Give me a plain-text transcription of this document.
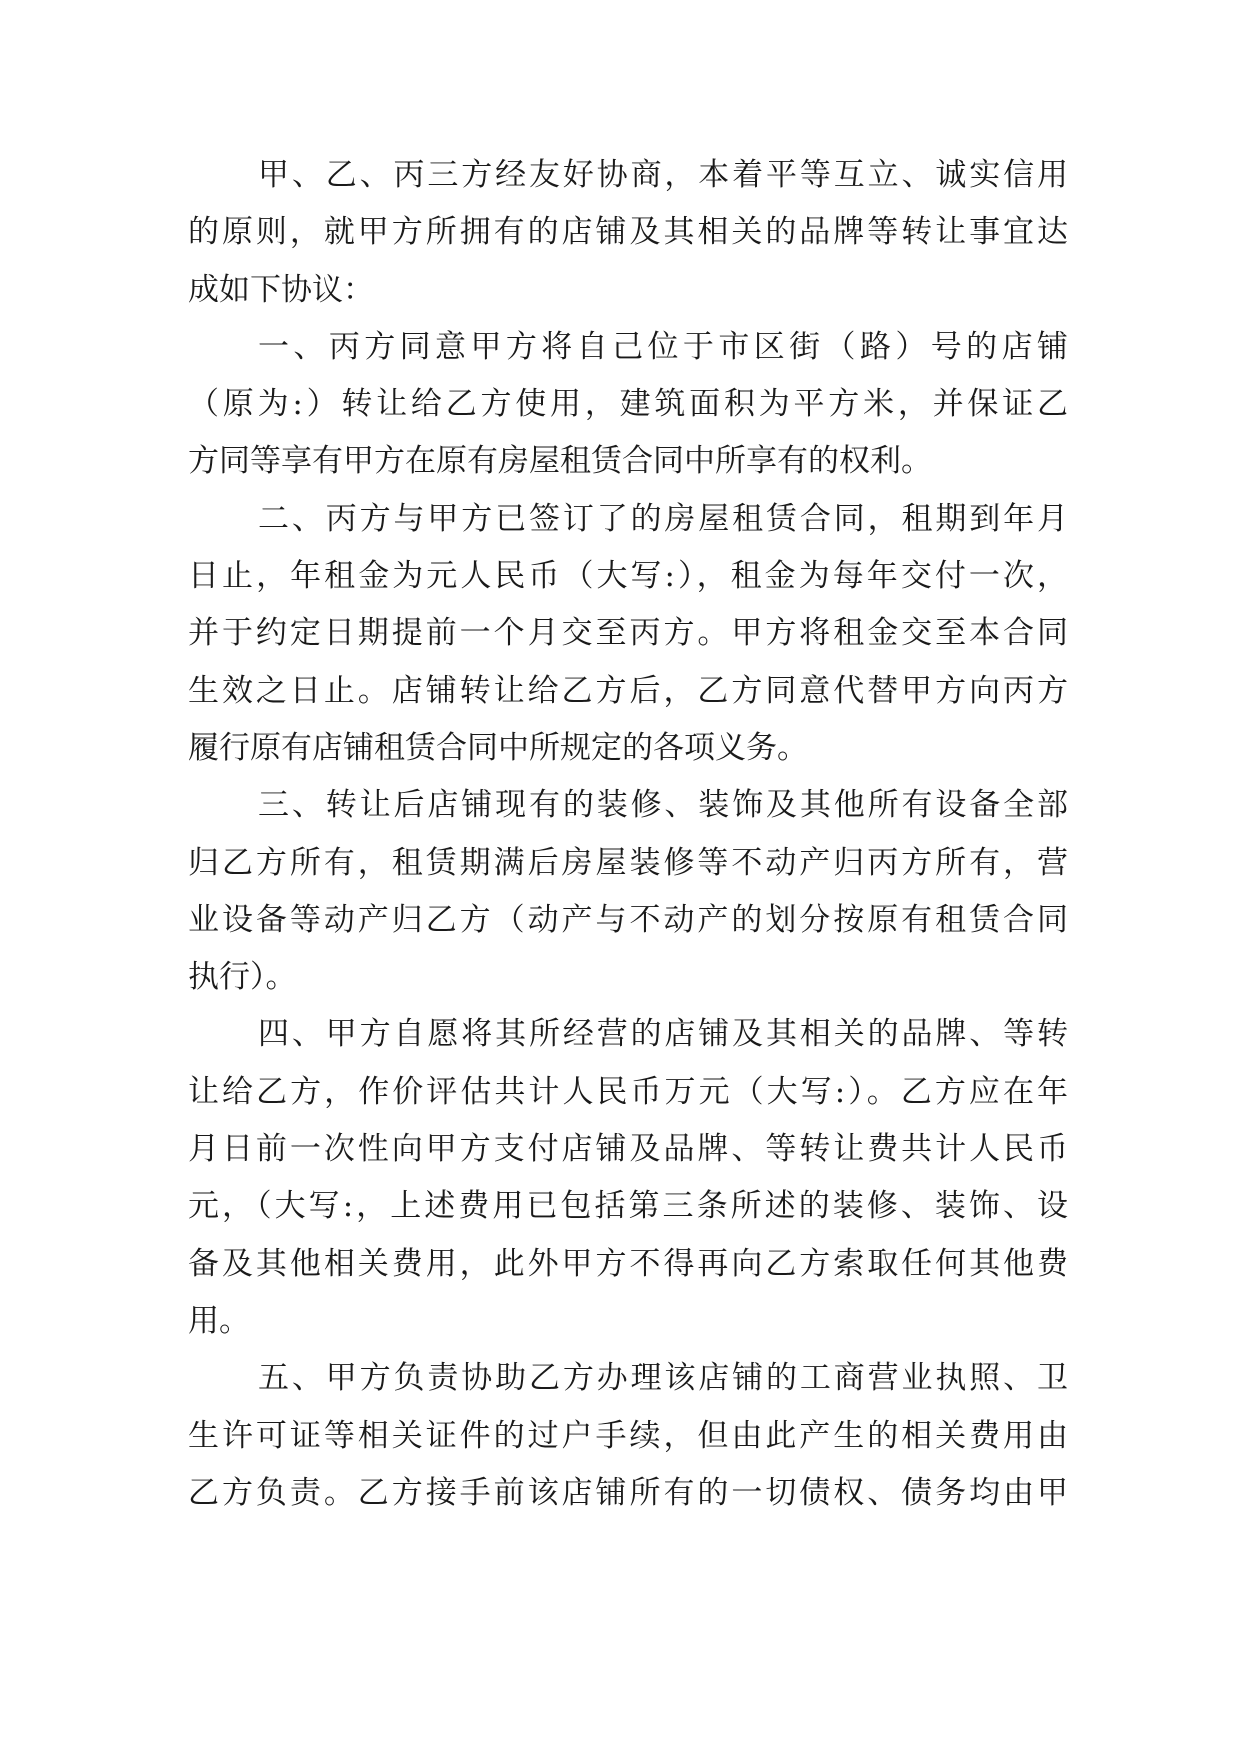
甲、乙、丙三方经友好协商，本着平等互立、诚实信用
的原则，就甲方所拥有的店铺及其相关的品牌等转让事宜达
成如下协议：
一、丙方同意甲方将自己位于市区街（路）号的店铺
（原为:）转让给乙方使用，建筑面积为平方米，并保证乙
方同等享有甲方在原有房屋租赁合同中所享有的权利。
二、丙方与甲方已签订了的房屋租赁合同，租期到年月
日止，年租金为元人民币（大写:），租金为每年交付一次，
并于约定日期提前一个月交至丙方。甲方将租金交至本合同
生效之日止。店铺转让给乙方后，乙方同意代替甲方向丙方
履行原有店铺租赁合同中所规定的各项义务。
三、转让后店铺现有的装修、装饰及其他所有设备全部
归乙方所有，租赁期满后房屋装修等不动产归丙方所有，营
业设备等动产归乙方（动产与不动产的划分按原有租赁合同
执行）。
四、甲方自愿将其所经营的店铺及其相关的品牌、等转
让给乙方，作价评估共计人民币万元（大写:）。乙方应在年
月日前一次性向甲方支付店铺及品牌、等转让费共计人民币
元，（大写:，上述费用已包括第三条所述的装修、装饰、设
备及其他相关费用，此外甲方不得再向乙方索取任何其他费
用。
五、甲方负责协助乙方办理该店铺的工商营业执照、卫
生许可证等相关证件的过户手续，但由此产生的相关费用由
乙方负责。乙方接手前该店铺所有的一切债权、债务均由甲
